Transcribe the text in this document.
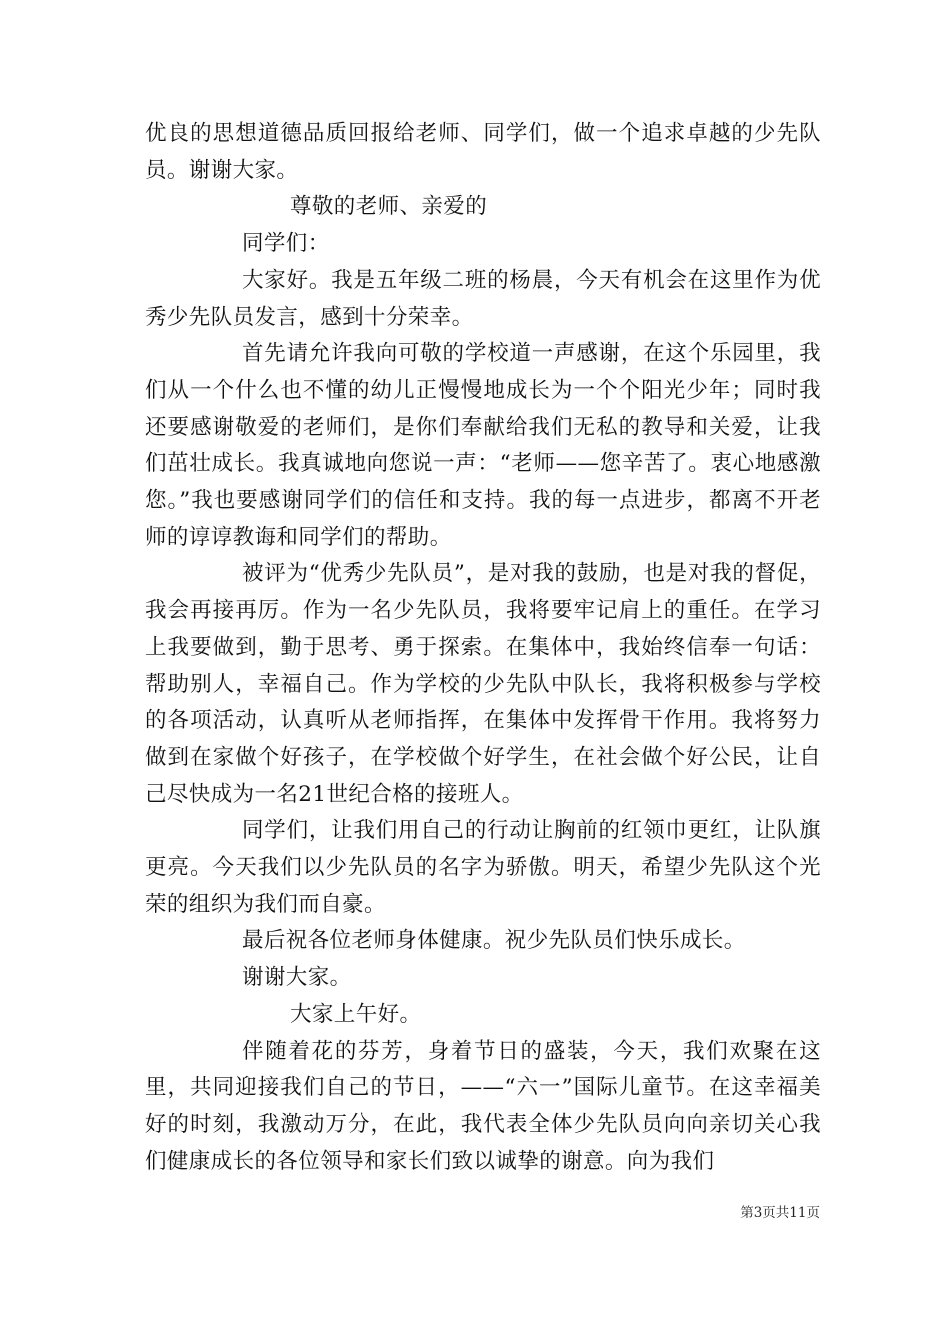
优良的思想道德品质回报给老师、同学们，做一个追求卓越的少先队员。谢谢大家。

尊敬的老师、亲爱的

同学们：

大家好。我是五年级二班的杨晨，今天有机会在这里作为优秀少先队员发言，感到十分荣幸。

首先请允许我向可敬的学校道一声感谢，在这个乐园里，我们从一个什么也不懂的幼儿正慢慢地成长为一个个阳光少年；同时我还要感谢敬爱的老师们，是你们奉献给我们无私的教导和关爱，让我们茁壮成长。我真诚地向您说一声：“老师——您辛苦了。衷心地感激您。”我也要感谢同学们的信任和支持。我的每一点进步，都离不开老师的谆谆教诲和同学们的帮助。

被评为“优秀少先队员”，是对我的鼓励，也是对我的督促，我会再接再厉。作为一名少先队员，我将要牢记肩上的重任。在学习上我要做到，勤于思考、勇于探索。在集体中，我始终信奉一句话：帮助别人，幸福自己。作为学校的少先队中队长，我将积极参与学校的各项活动，认真听从老师指挥，在集体中发挥骨干作用。我将努力做到在家做个好孩子，在学校做个好学生，在社会做个好公民，让自己尽快成为一名21世纪合格的接班人。

同学们，让我们用自己的行动让胸前的红领巾更红，让队旗更亮。今天我们以少先队员的名字为骄傲。明天，希望少先队这个光荣的组织为我们而自豪。

最后祝各位老师身体健康。祝少先队员们快乐成长。

谢谢大家。

大家上午好。

伴随着花的芬芳，身着节日的盛装，今天，我们欢聚在这里，共同迎接我们自己的节日，——“六一”国际儿童节。在这幸福美好的时刻，我激动万分，在此，我代表全体少先队员向向亲切关心我们健康成长的各位领导和家长们致以诚挚的谢意。向为我们

第3页共11页
